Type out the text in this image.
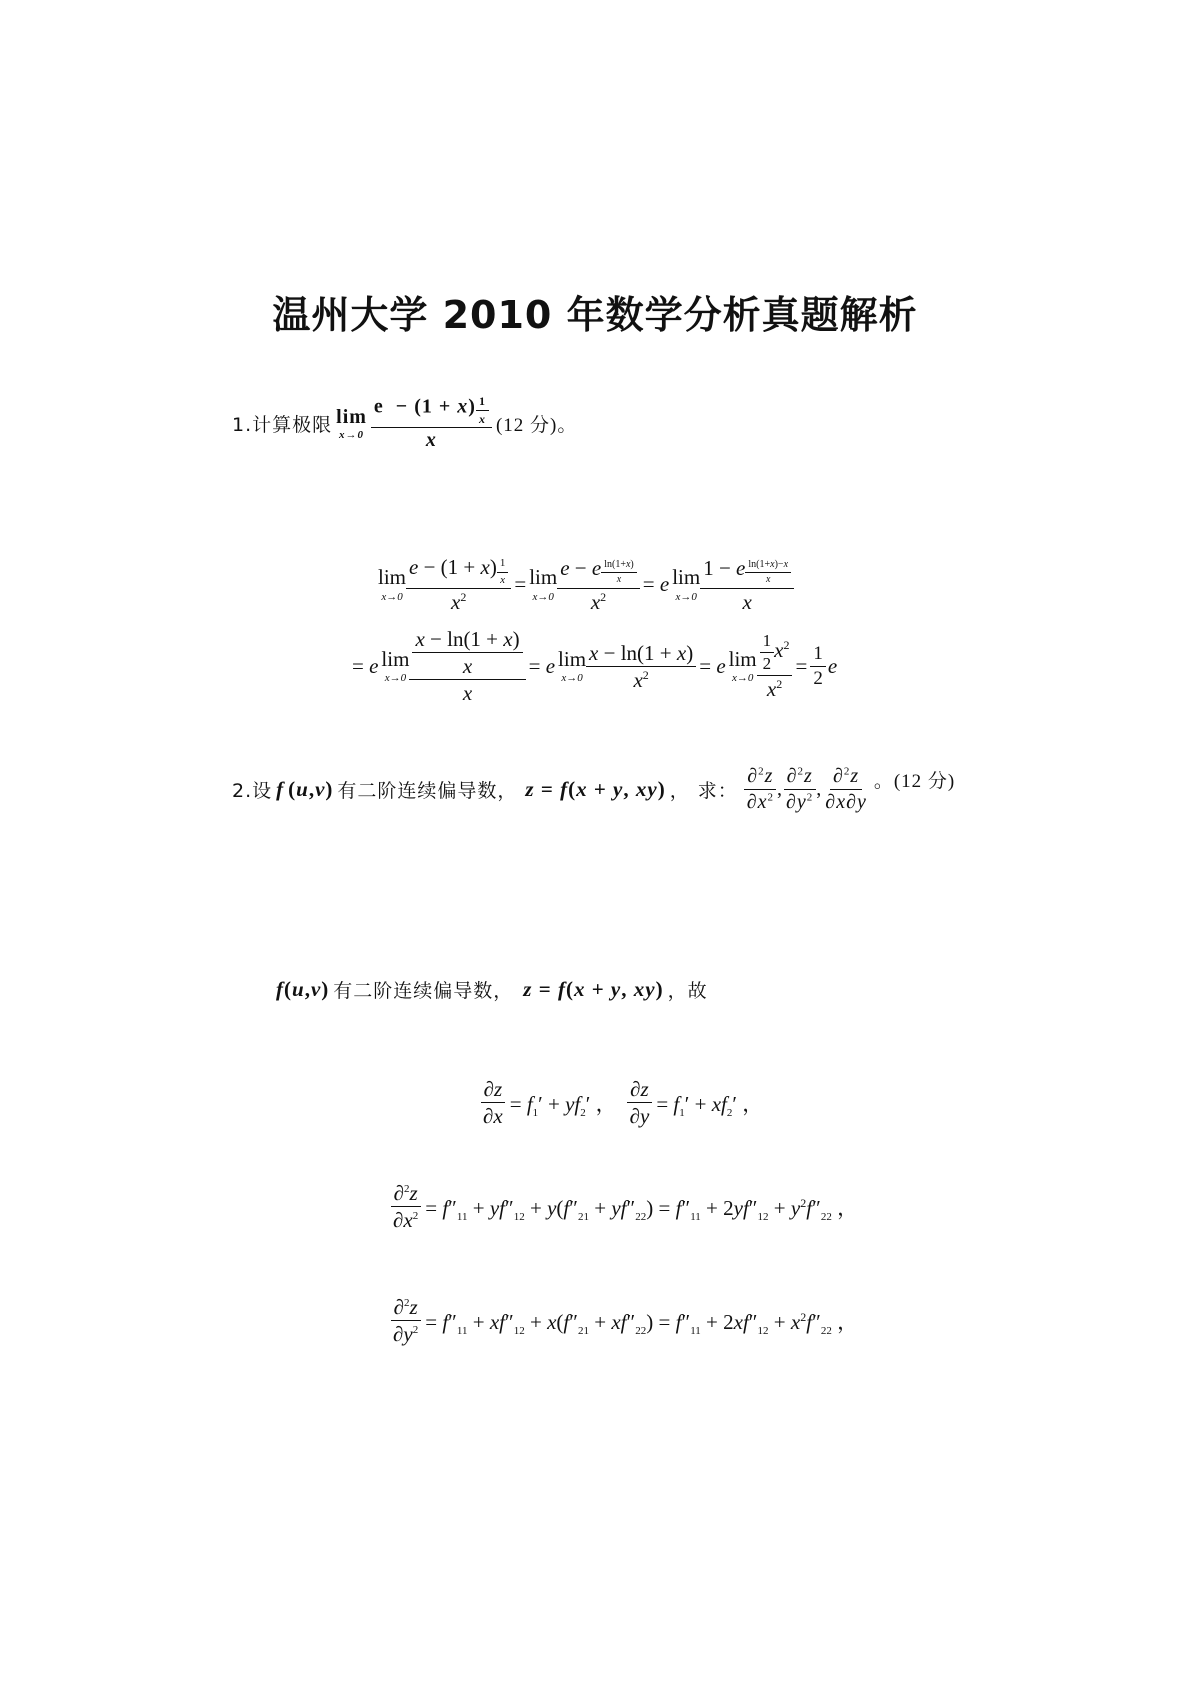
温州大学 2010 年数学分析真题解析
1.计算极限 lim
x→0 e  − (1 + x) $^{\frac{1}{x}}$
x (12 分)。
lim
x→0 e − (1 + x) $^{\frac{1}{x}}$
$x^2 = \lim$
x→0 e − e $^{\frac{\ln(1+x)}{x}}$
$x^2 = e$ lim
x→0 1 − e $^{\frac{\ln(1+x)-x}{x}}$
x
= e lim
$x\to 0 \frac{\frac{x - \ln(1 + x)}{x}}{x} = e$ lim
$x\to 0 \frac{x - \ln(1 + x)}{x^2} = e$ lim
$x\to 0 \frac{\frac{1}{2} x^2}{x^2} = \frac{1}{2}$ e
2.设 f (u,v) 有二阶连续偏导数， z = f(x + y, xy) ， 求： $\frac{\partial^2z}{\partial x^2}$ , $\frac{\partial^2z}{\partial y^2}$ , $\frac{\partial^2z}{\partial x\partial y}$ 。(12 分)
f(u,v) 有二阶连续偏导数， z = f(x + y, xy) ，故
$\frac{\partial z}{\partial x} = f_1' + yf_2'$ ， $\frac{\partial z}{\partial y} = f_1' + xf_2'$ ，
$\frac{\partial^2z}{\partial x^2} = f''_{11} + yf''_{12} + y(f''_{21} + yf''_{22}) = f''_{11} + 2yf''_{12} + y^2f''_{22}$ ，
$\frac{\partial^2z}{\partial y^2} = f''_{11} + xf''_{12} + x(f''_{21} + xf''_{22}) = f''_{11} + 2xf''_{12} + x^2f''_{22}$ ，
